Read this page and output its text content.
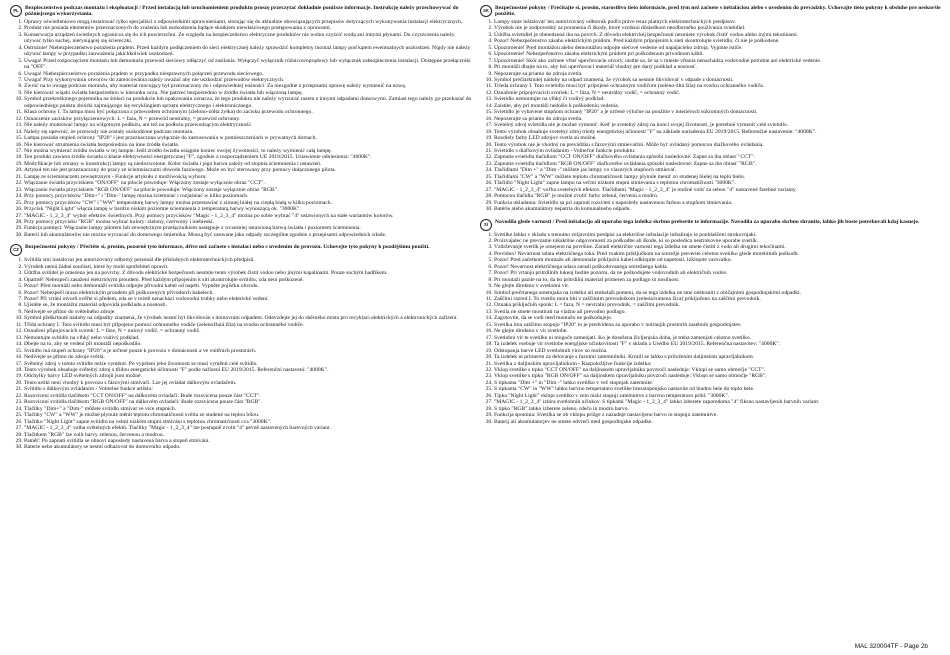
PL	Bezpieczeństwo podczas montażu i eksploatacji / Przed instalacją lub uruchomieniem produktu proszę przeczytać dokładnie poniższe informacje. Instrukcję należy przechowywać do późniejszego wykorzystania.
1. Oprawy oświetleniowe mogą instalować tylko specjaliści z odpowiednimi uprawnieniami, stosując się do aktualnie obowiązujących przepisów dotyczących wykonywania instalacji elektrycznych.
2. Produkt nie posiada elementów przeznaczonych do zrażenia lub uszkodzenia bądące skutkiem niewłaściwego postępowania z oprawami.
3. Konserwacja urządzeń świetlnych ogranicza się do ich powierzchni. Ze względu na bezpieczeństwo elektryczne produktów nie wolno czyścić wodą ani innymi płynami. Do czyszczenia należy używać tylko suchej, nierysującej się ściereczki.
4. Ostrożnie! Niebezpieczeństwo porażenia prądem. Przed każdym podłączeniem do sieci elektrycznej należy sprawdzić kompletny montaż lampy pod kątem ewentualnych uszkodzeń. Nigdy nie należy używać lampy w przypadku zauważenia jakichkolwiek uszkodzeń.
5. Uwaga! Przed rozpoczęciem montażu lub demontażu przewód sieciowy odłączyć od zasilania. Wyłączyć wyłącznik różnicowoprądowy lub wyłącznik zabezpieczenia instalacji. Dostępne przełączniki na "OFF".
6. Uwaga! Niebezpieczeństwo porażenia prądem w przypadku niesprawnych połączeń przewodu sieciowego.
7. Uwaga! Przy wykonywaniu otworów do zamocowania należy uważać aby nie uszkodzić przewodów elektrycznych.
8. Zwróć na to uwagę podczas montażu, aby materiał mocujący był przeznaczony do i odpowiedniej nośności. Za niezgodne z przepisami oprawę należy wymienić na nową.
9. Nie kierować wiązki światła bezpośrednio w kierunku oczu. Nie patrzeć bezpośrednio w źródło światła lub włączoną lampę.
10. Symbol przekreślonego pojemnika na śmieci na produkcie lub opakowaniu oznacza, że tego produktu nie należy wyrzucać razem z innymi odpadami domowymi. Zamiast tego należy go przekazać do odpowiedniego punktu zbiórki zajmującego się recyklingiem sprzętu elektrycznego i elektronicznego.
11. Klasa ochrony I. Ta lampa musi być połączona z przewodem ochronnym (zielono-żółta żyłka) do zacisku przewodu ochronnego.
12. Oznaczenie zacisków przyłączeniowych: L = faza, N = przewód neutralny, = przewód ochronny.
13. Nie należy montować lampy na wilgotnym podłożu, ani też na podłożu przewodzącym elektryczność.
14. Należy się upewnić, że przewody nie zostały uszkodzone podczas montażu.
15. Lampa posiada stopień ochrony "IP20" i jest przeznaczona wyłącznie do zastosowania w pomieszczeniach w prywatnych domach.
16. Nie kierować strumienia światła bezpośrednio na inne źródła światła.
17. Nie można wymienić źródła światła w tej lampie. Jeśli źródło światła osiągnie koniec swojej żywotności, to należy wymienić całą lampę.
18. Ten produkt zawiera źródło światła o klasie efektywności energetycznej "F", zgodnie z rozporządzeniem UE 2019/2015. Ustawienie odniesienia: "4000K".
19. Modyfikacje lub zmiany w konstrukcji lampy są niedozwolone. Kolor światła i jego barwa zależy od stopnia ściemnienia i ustawień.
20. Artykuł ten nie jest przeznaczony do pracy ze ściemniaczami obwodu fazowego. Może on być sterowany przy pomocy dołączonego pilota.
21. Lampę ze ściemniaczem zewnętrznym - Funkcje artykułu z możliwością wyboru:
22. Włączanie światła przyciskiem "ON/OFF" na pilocie powoduje: Włączony zostaje wyłącznie obraz "CCT".
23. Włączanie światła przyciskiem "RGB ON/OFF" na pilocie powoduje: Włączony zostaje wyłącznie obraz "RGB".
24. Przy pomocy przycisków "Dim+" i "Dim-" lampę można ściemniać i rozjaśniać w kilku poziomach.
25. Przy pomocy przycisków "CW" i "WW" temperaturę barwy lampy można przestawiać z zimnej białej na ciepłą białą w kilku poziomach.
26. Przycisk "Night Light" włącza lampę w bardzo niskim poziomie ściemnienia z temperaturą barwy wynoszącą ok. "3000K".
27. "MAGIC - 1_2_3_4" wybór efektów świetlnych. Przy pomocy przycisków "Magic - 1_2_3_4" można po sobie wybrać "4" ustawionych na stałe wariantów kolorów.
28. Przy pomocy przycisku "RGB" można wybrać kolory: zielony, czerwony i niebieski.
29. Funkcja pamięci: Włączanie lampy pilotem lub zewnętrznym przełącznikiem następuje z wcześniej ustawioną barwą światła i poziomem ściemnienia.
30. Baterii lub akumulatorów nie można wyrzucać do domowego śmietnika. Muszą być usuwane jako odpady szczególne zgodnie z przepisami odpowiednich władz.
CZ	Bezpečnostní pokyny / Přečtěte si, prosím, pozorně tyto informace, dříve než začnete s instalací nebo s uvedením do provozu. Uchovejte tyto pokyny k pozdějšímu použití.
1. Svítidla smí instalovat jen autorizovaný odborný personál dle příslušných elektrotechnických předpisů.
2. Výrobek nemá žádné součásti, které by mohl spotřebitel opravit.
3. Údržba svítidel je omezena jen na povrchy. Z důvodu elektrické bezpečnosti nesmíte tento výrobek čistit vodou nebo jinými kapalinami. Pouze suchým hadříkem.
4. Opatrně! Nebezpečí zasažení elektrickým proudem. Před každým připojením k síti zkontrolujte svítidlo, zda není poškozené.
5. Pozor! Před montáží nebo demontáží svítidla odpojte přívodní kabel od napětí. Vypněte pojistku obvodu.
6. Pozor! Nebezpečí úrazu elektrickým proudem při poškozených přívodních kabelech.
7. Pozor! Při vrtání otvorů ověřte si předem, zda se v místě nenachází vodovodní trubky nebo elektrické vedení.
8. Ujistěte se, že montážní materiál odpovídá podkladu a nosnosti.
9. Nedívejte se přímo do světelného zdroje.
10. Symbol přeškrtnuté nádoby na odpadky znamená, že výrobek nesmí být likvidován s domovním odpadem. Odevzdejte jej do sběrného místa pro recyklaci elektrických a elektronických zařízení.
11. Třída ochrany I. Toto svítidlo musí být připojeno pomocí ochranného vodiče (zelenožlutá žíla) na svorku ochranného vodiče.
12. Označení připojovacích svorek: L = fáze, N = nulový vodič, = ochranný vodič.
13. Nemontujte svítidlo na vlhký nebo vodivý podklad.
14. Dbejte na to, aby se vedení při montáži nepoškodilo.
15. Svítidlo má stupeň ochrany "IP20" a je určené pouze k provozu v domácnosti a ve vnitřních prostorách.
16. Nedívejte se přímo do zdroje světla.
17. Světelný zdroj v tomto svítidle nelze vyměnit. Po vypršení jeho životnosti se musí vyměnit celé svítidlo.
18. Tento výrobek obsahuje světelný zdroj s třídou energetické účinnosti "F" podle nařízení EU 2019/2015. Referenční nastavení: "4000K".
19. Odchylky barvy LED světelných zdrojů jsou možné.
20. Tento artikl není vhodný k provozu s fázovými stmívači. Lze jej ovládat dálkovým ovladačem.
21. Svítidlo s dálkovým ovládáním - Volitelné funkce artiklu:
22. Rozsvícení svítidla tlačítkem "CCT ON/OFF" na dálkovém ovladači: Bude rozsvícena pouze část "CCT".
23. Rozsvícení svítidla tlačítkem "RGB ON/OFF" na dálkovém ovladači: Bude rozsvícena pouze část "RGB".
24. Tlačítky "Dim+" a "Dim-" můžete svítidlo stmívat ve více stupních.
25. Tlačítky "CW" a "WW" je možné plynule měnit teplotu chromatičnosti světla ze studené na teplou bílou.
26. Tlačítko "Night Light" zapne svítidlo na velmi nízkém stupni stmívání s teplotou chromatičnosti cca "3000K".
27. "MAGIC - 1_2_3_4" volba světelných efektů. Tlačítky "Magic - 1_2_3_4" lze postupně zvolit "4" pevně nastavených barevných variant.
28. Tlačítkem "RGB" lze volit barvy zelenou, červenou a modrou.
29. Paměť: Po zapnutí svítidla se obnoví naposledy nastavená barva a stupeň stmívání.
30. Baterie nebo akumulátory se nesmí odhazovat do domovního odpadu.
SK	Bezpečnostné pokyny / Prečítajte si, prosím, starostlivo tieto informácie, pred tým než začnete s inštaláciou alebo s uvedením do prevádzky. Uchovajte tieto pokyny k obsluhe pre neskoršie použitie.
1. Lampy smie inštalovať len autorizovaný odborník podľa práve teraz platných elektrotechnických predpisov.
2. Výrobok nie je zodpovedný za poranenia či škody, ktoré vzniknú dôsledkom neodborného používania svietidiel.
3. Údržba svietidiel je obmedzená iba na povrch. Z dôvodu elektrickej bezpečnosti nesmiete výrobok čistiť vodou alebo inými tekutinami.
4. Pozor! Nebezpečenstvo zásahu elektrickým prúdom. Pred každým pripojením k sieti skontrolujte svietidlo, či nie je poškodené.
5. Upozornenie! Pred montážou alebo demontážou odpojte sieťové vedenie od napájacieho zdroja. Vypnite ističe.
6. Upozornenie! Nebezpečenstvo zásahu elektrickým prúdom pri poškodenom prívodnom kábli.
7. Upozornenie! Skôr ako začnete vŕtať upevňovacie otvory, uistite sa, že sa v mieste vŕtania nenachádza vodovodné potrubie ani elektrické vedenie.
8. Pri montáži dbajte na to, aby bol upevňovací materiál vhodný pre daný podklad a nosnosť.
9. Nepozerajte sa priamo do zdroja svetla.
10. Symbol prečiarknutej nádoby na odpad znamená, že výrobok sa nesmie likvidovať v odpade z domácnosti.
11. Trieda ochrany I. Toto svietidlo musí byť pripojené ochranným vodičom (zeleno-žltá žila) na svorku ochranného vodiča.
12. Označenie pripojovacích svoriek: L = fáza, N = neutrálny vodič, = ochranný vodič.
13. Svietidlo nemontujte na vlhký či vodivý podklad.
14. Zaistite, aby pri montáži nedošlo k poškodeniu vedenia.
15. Svietidlo je vybavené stupňom ochrany "IP20" a je určené výlučne na použitie v interiéroch súkromných domácností.
16. Nepozerajte sa priamo do zdroja svetla.
17. Svetelný zdroj svietidla nie je možné vymeniť. Keď je svetelný zdroj na konci svojej životnosti, je potrebné vymeniť celé svietidlo.
18. Tento výrobok obsahuje svetelný zdroj triedy energetickej účinnosti "F" na základe nariadenia EU 2019/2015. Referenčné nastavenie: "4000K".
19. Rozdiely farby LED zdrojov svetla sú možné.
20. Tento výrobok nie je vhodný na prevádzku s fázovými stmievačmi. Môže byť ovládaný pomocou diaľkového ovládania.
21. Svietidlo s diaľkovým ovládaním - Voliteľné funkcie produktu:
22. Zapnutie svietidla tlačidlom "CCT ON/OFF" diaľkového ovládania spôsobí nasledovné: Zapne sa iba oblasť "CCT".
23. Zapnutie svietidla tlačidlom "RGB ON/OFF" diaľkového ovládania spôsobí nasledovné: Zapne sa iba oblasť "RGB".
24. Tlačidlami "Dim +" a "Dim -" môžete jas lampy vo viacerých stupňoch stmievať.
25. Tlačidlami "CW" a "WW" môžete teplotu chromatičnosti lampy plynule meniť zo studenej bielej na teplú bielu.
26. Tlačidlo "Night Light" zapne lampu na veľmi nízkom stupni stmievania s teplotou chromatičnosti "3000K".
27. "MAGIC - 1_2_3_4" voľba svetelných efektov. Tlačidlami "Magic - 1_2_3_4" je možné voliť za sebou "4" nastavené farebné varianty.
28. Pomocou tlačidla "RGB" je možné zvoliť farby zelenú, červenú a modrú.
29. Funkcia ukladania: Svietidlo sa pri zapnutí rozsvieti s naposledy nastavenou farbou a stupňom stmievania.
30. Batérie alebo akumulátory nepatria do komunálneho odpadu.
SI	Navodila glede varnosti / Pred inštalacijo ali uporabo tega izdelka skrbno preberite te informacije. Navodila za uporabo skrbno shranite, lahko jih boste potrebovali kdaj kasneje.
1. Svetilke lahko v skladu s trenutno veljavnimi predpisi za električne inštalacije inštalirajo le pooblaščeni strokovnjaki.
2. Proizvajalec ne prevzame nikakršne odgovornosti za poškodbe ali škode, ki so posledica nestrokovne uporabe svetilk.
3. Vzdrževanje svetilk je omejeno na površine. Zaradi električne varnosti tega izdelka ne smete čistiti z vodo ali drugimi tekočinami.
4. Previdno! Nevarnost udara električnega toka. Pred vsakim priključkom na omrežje preverite celotno svetilko glede morebitnih poškodb.
5. Pozor! Pred začetkom montaže ali demontaže priključni kabel odklopite od napetosti. Izklopite varovalko.
6. Pozor! Nevarnost električnega udara zaradi poškodovanega omrežnega kabla.
7. Pozor! Pri vrtanju pritrdilnih lukenj bodite pozorni, da ne poškodujete vodovodnih ali električnih vodov.
8. Pri montaži pazite na to, da bo pritrdilni material primeren za podlago in nosilnost.
9. Ne glejte direktno v svetlobni vir.
10. Simbol prečrtanega smetnjaka na izdelku ali embalaži pomeni, da se tega izdelka ne sme odstraniti z običajnimi gospodinjskimi odpadki.
11. Zaščitni razred I. To svetilo mora biti z zaščitnim prevodnikom (zelena/rumena žica) priključeno na zaščitni prevodnik.
12. Oznaka priključnih sponk: L = faza, N = nevtralni prevodnik, = zaščitni prevodnik.
13. Svetila ne smete montirati na vlažno ali prevodno podlago.
14. Zagotovite, da se vodi med montažo ne poškodujejo.
15. Svetilka ima zaščitno stopnjo "IP20" in je predvidena za uporabo v notranjih prostorih zasebnih gospodinjstev.
16. Ne glejte direktno v vir svetlobe.
17. Svetlobni vir te svetilke ni mogoče zamenjati. Ko je dosežena življenjska doba, je treba zamenjati celotno svetilko.
18. Ta izdelek vsebuje vir svetlobe energijske učinkovitosti "F" v skladu z Uredbo EU 2019/2015. Referenčna nastavitev: "4000K".
19. Odstopanja barve LED svetlobnih virov so možna.
20. Ta izdelek ni primeren za delovanje s faznimi zatemnilniki. Krmili se lahko s priloženim daljinskim upravljalnikom.
21. Svetilka z daljinskim upravljalnikom - Razpoložljive funkcije izdelka:
22. Vklop svetilke s tipko "CCT ON/OFF" na daljinskem upravljalniku povzroči naslednje: Vklopi se samo območje "CCT".
23. Vklop svetilke s tipko "RGB ON/OFF" na daljinskem upravljalniku povzroči naslednje: Vklopi se samo območje "RGB".
24. S tipkama "Dim +" in "Dim -" lahko svetilko v več stopnjah zatemnite.
25. S tipkama "CW" in "WW" lahko barvno temperaturo svetilke brezstopenjsko nastavite od hladno bele do toplo bele.
26. Tipka "Night Light" vklopi svetilko v zelo nizki stopnji zatemnitve z barvno temperaturo pribl. "3000K".
27. "MAGIC - 1_2_3_4" izbira svetlobnih učinkov. S tipkami "Magic - 1_2_3_4" lahko izberete zaporedoma "4" fiksno nastavljenih barvnih variant.
28. S tipko "RGB" lahko izberete zeleno, rdečo in modro barvo.
29. Funkcija spomina: Svetilka se ob vklopu prižge z nazadnje nastavljeno barvo in stopnjo zatemnitve.
30. Baterij ali akumulatorjev ne smete odvreči med gospodinjske odpadke.
MAL 320004TF - Page 2b
